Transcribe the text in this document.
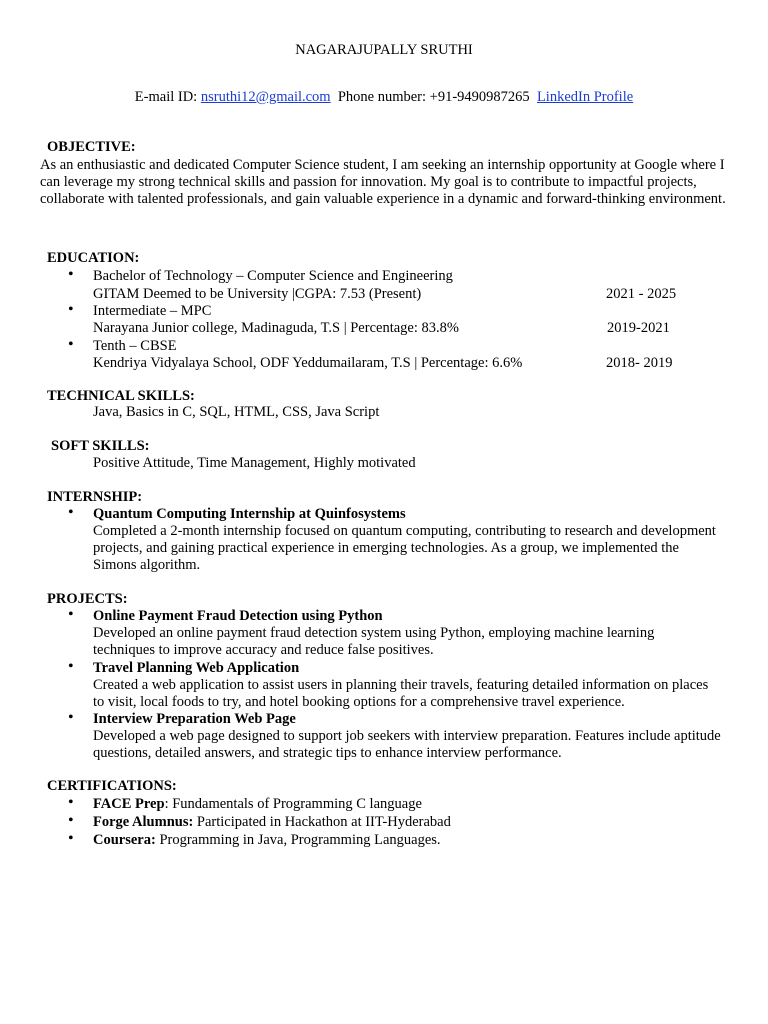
NAGARAJUPALLY SRUTHI
E-mail ID: nsruthi12@gmail.com Phone number: +91-9490987265 LinkedIn Profile
OBJECTIVE:
As an enthusiastic and dedicated Computer Science student, I am seeking an internship opportunity at Google where I can leverage my strong technical skills and passion for innovation. My goal is to contribute to impactful projects, collaborate with talented professionals, and gain valuable experience in a dynamic and forward-thinking environment.
EDUCATION:
• Bachelor of Technology – Computer Science and Engineering
GITAM Deemed to be University |CGPA: 7.53 (Present)	2021 - 2025
• Intermediate – MPC
Narayana Junior college, Madinaguda, T.S | Percentage: 83.8%	2019-2021
• Tenth – CBSE
Kendriya Vidyalaya School, ODF Yeddumailaram, T.S | Percentage: 6.6%	2018- 2019
TECHNICAL SKILLS:
Java, Basics in C, SQL, HTML, CSS, Java Script
SOFT SKILLS:
Positive Attitude, Time Management, Highly motivated
INTERNSHIP:
• Quantum Computing Internship at Quinfosystems
Completed a 2-month internship focused on quantum computing, contributing to research and development projects, and gaining practical experience in emerging technologies. As a group, we implemented the Simons algorithm.
PROJECTS:
• Online Payment Fraud Detection using Python
Developed an online payment fraud detection system using Python, employing machine learning techniques to improve accuracy and reduce false positives.
• Travel Planning Web Application
Created a web application to assist users in planning their travels, featuring detailed information on places to visit, local foods to try, and hotel booking options for a comprehensive travel experience.
• Interview Preparation Web Page
Developed a web page designed to support job seekers with interview preparation. Features include aptitude questions, detailed answers, and strategic tips to enhance interview performance.
CERTIFICATIONS:
• FACE Prep: Fundamentals of Programming C language
• Forge Alumnus: Participated in Hackathon at IIT-Hyderabad
• Coursera: Programming in Java, Programming Languages.
